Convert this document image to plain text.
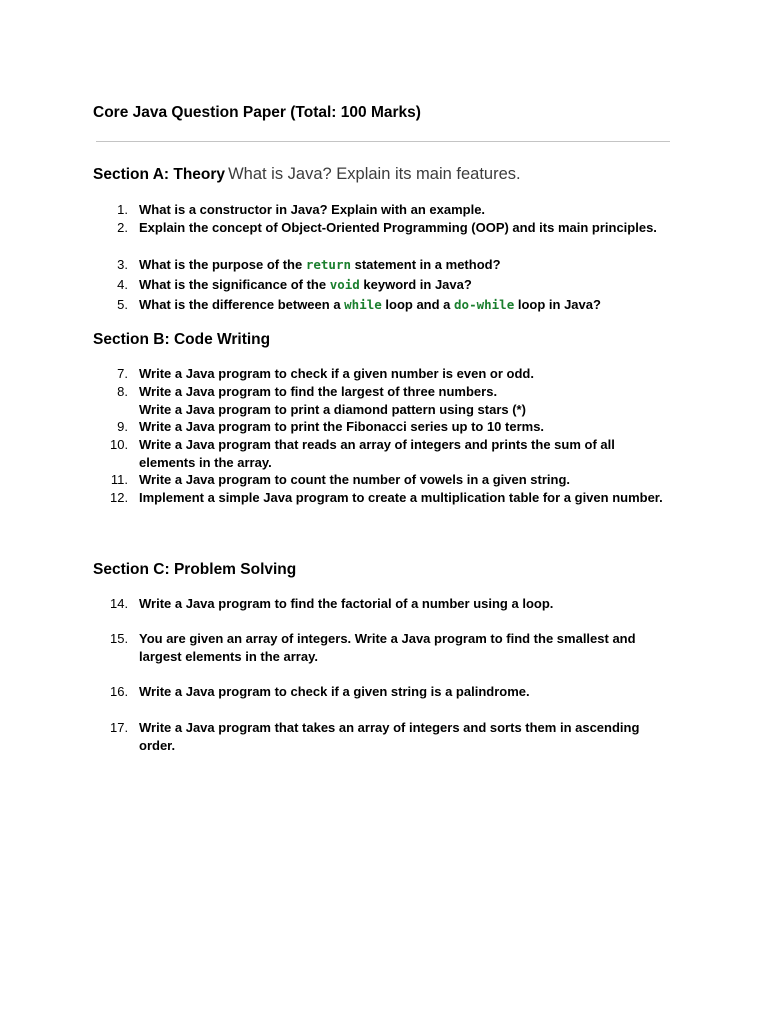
Core Java Question Paper (Total: 100 Marks)
Section A: Theory What is Java? Explain its main features.
1. What is a constructor in Java? Explain with an example.
2. Explain the concept of Object-Oriented Programming (OOP) and its main principles.
3. What is the purpose of the return statement in a method?
4. What is the significance of the void keyword in Java?
5. What is the difference between a while loop and a do-while loop in Java?
Section B: Code Writing
7. Write a Java program to check if a given number is even or odd.
8. Write a Java program to find the largest of three numbers.
Write a Java program to print a diamond pattern using stars (*)
9. Write a Java program to print the Fibonacci series up to 10 terms.
10. Write a Java program that reads an array of integers and prints the sum of all elements in the array.
11. Write a Java program to count the number of vowels in a given string.
12. Implement a simple Java program to create a multiplication table for a given number.
Section C: Problem Solving
14. Write a Java program to find the factorial of a number using a loop.
15. You are given an array of integers. Write a Java program to find the smallest and largest elements in the array.
16. Write a Java program to check if a given string is a palindrome.
17. Write a Java program that takes an array of integers and sorts them in ascending order.
